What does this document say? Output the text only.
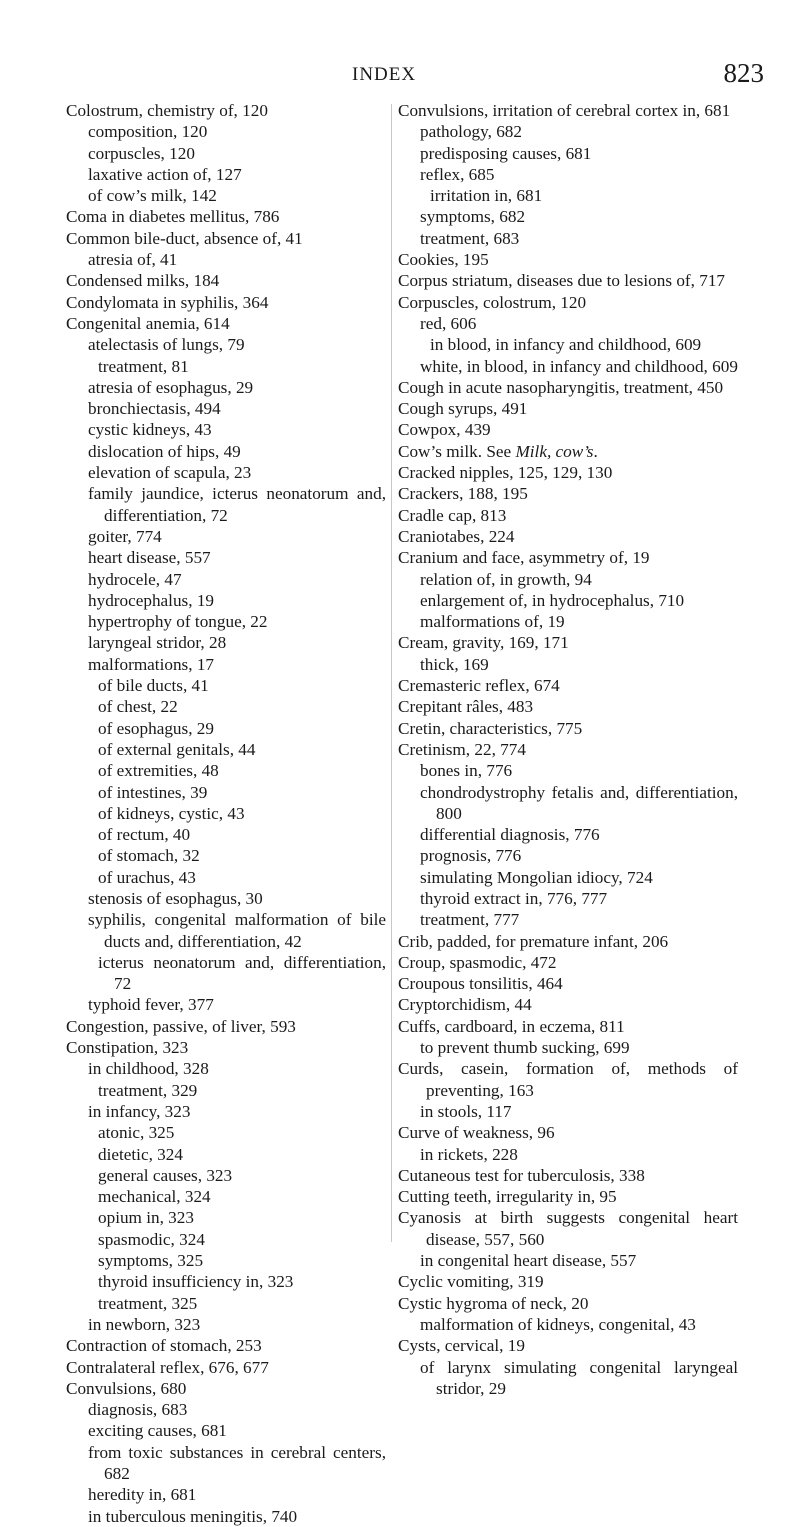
INDEX	823

Colostrum, chemistry of, 120

composition, 120

corpuscles, 120

laxative action of, 127

of cow’s milk, 142

Coma in diabetes mellitus, 786

Common bile-duct, absence of, 41

atresia of, 41

Condensed milks, 184

Condylomata in syphilis, 364

Congenital anemia, 614

atelectasis of lungs, 79

treatment, 81

atresia of esophagus, 29

bronchiectasis, 494

cystic kidneys, 43

dislocation of hips, 49

elevation of scapula, 23

family jaundice, icterus neonatorum and, differentiation, 72

goiter, 774

heart disease, 557

hydrocele, 47

hydrocephalus, 19

hypertrophy of tongue, 22

laryngeal stridor, 28

malformations, 17

of bile ducts, 41

of chest, 22

of esophagus, 29

of external genitals, 44

of extremities, 48

of intestines, 39

of kidneys, cystic, 43

of rectum, 40

of stomach, 32

of urachus, 43

stenosis of esophagus, 30

syphilis, congenital malformation of bile ducts and, differentiation, 42

icterus neonatorum and, differentiation, 72

typhoid fever, 377

Congestion, passive, of liver, 593

Constipation, 323

in childhood, 328

treatment, 329

in infancy, 323

atonic, 325

dietetic, 324

general causes, 323

mechanical, 324

opium in, 323

spasmodic, 324

symptoms, 325

thyroid insufficiency in, 323

treatment, 325

in newborn, 323

Contraction of stomach, 253

Contralateral reflex, 676, 677

Convulsions, 680

diagnosis, 683

exciting causes, 681

from toxic substances in cerebral centers, 682

heredity in, 681

in tuberculous meningitis, 740

Convulsions, irritation of cerebral cortex in, 681

pathology, 682

predisposing causes, 681

reflex, 685

irritation in, 681

symptoms, 682

treatment, 683

Cookies, 195

Corpus striatum, diseases due to lesions of, 717

Corpuscles, colostrum, 120

red, 606

in blood, in infancy and childhood, 609

white, in blood, in infancy and childhood, 609

Cough in acute nasopharyngitis, treatment, 450

Cough syrups, 491

Cowpox, 439

Cow’s milk. See Milk, cow’s.

Cracked nipples, 125, 129, 130

Crackers, 188, 195

Cradle cap, 813

Craniotabes, 224

Cranium and face, asymmetry of, 19

relation of, in growth, 94

enlargement of, in hydrocephalus, 710

malformations of, 19

Cream, gravity, 169, 171

thick, 169

Cremasteric reflex, 674

Crepitant râles, 483

Cretin, characteristics, 775

Cretinism, 22, 774

bones in, 776

chondrodystrophy fetalis and, differentiation, 800

differential diagnosis, 776

prognosis, 776

simulating Mongolian idiocy, 724

thyroid extract in, 776, 777

treatment, 777

Crib, padded, for premature infant, 206

Croup, spasmodic, 472

Croupous tonsilitis, 464

Cryptorchidism, 44

Cuffs, cardboard, in eczema, 811

to prevent thumb sucking, 699

Curds, casein, formation of, methods of preventing, 163

in stools, 117

Curve of weakness, 96

in rickets, 228

Cutaneous test for tuberculosis, 338

Cutting teeth, irregularity in, 95

Cyanosis at birth suggests congenital heart disease, 557, 560

in congenital heart disease, 557

Cyclic vomiting, 319

Cystic hygroma of neck, 20

malformation of kidneys, congenital, 43

Cysts, cervical, 19

of larynx simulating congenital laryngeal stridor, 29
